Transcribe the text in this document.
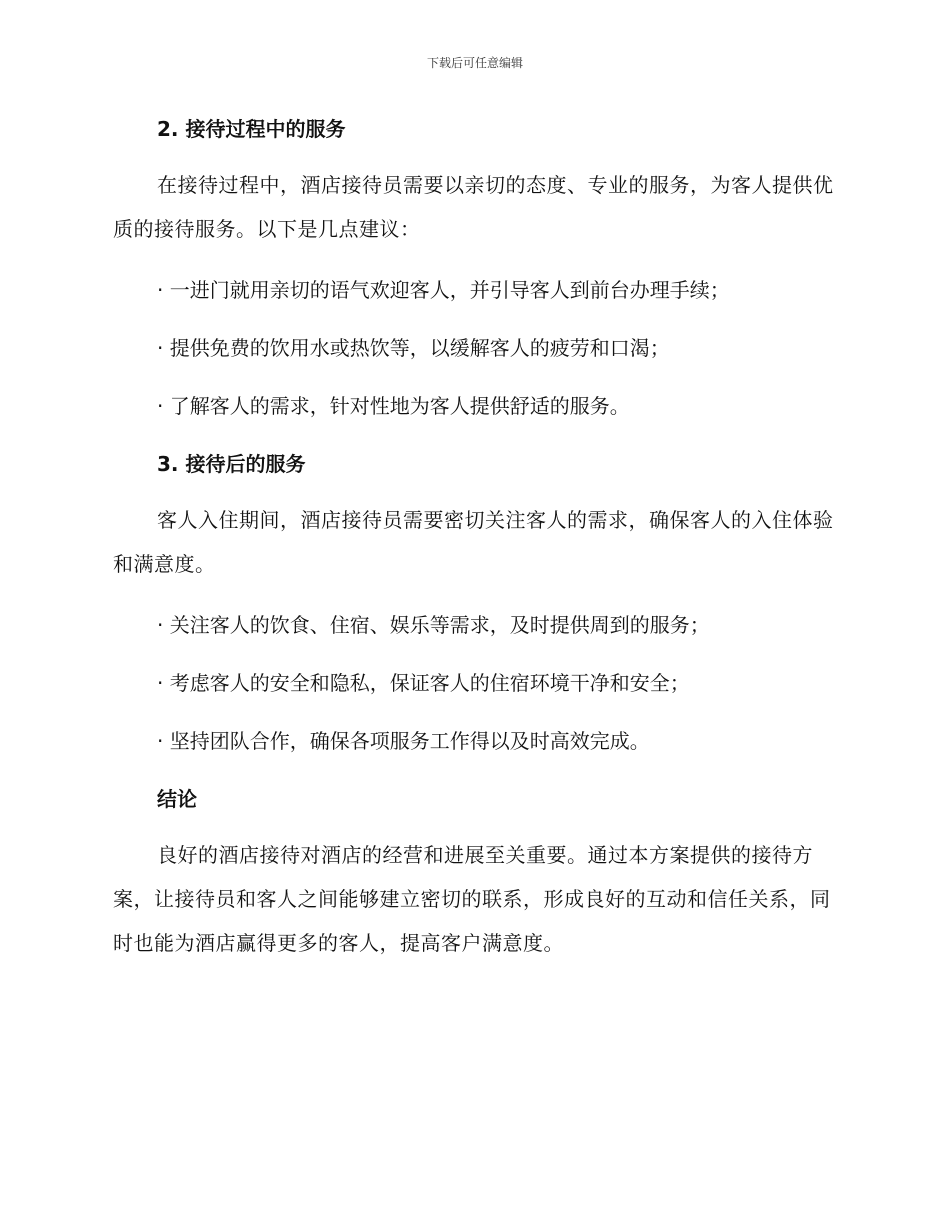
下载后可任意编辑
2. 接待过程中的服务

在接待过程中，酒店接待员需要以亲切的态度、专业的服务，为客人提供优质的接待服务。以下是几点建议：

· 一进门就用亲切的语气欢迎客人，并引导客人到前台办理手续；

· 提供免费的饮用水或热饮等，以缓解客人的疲劳和口渴；

· 了解客人的需求，针对性地为客人提供舒适的服务。

3. 接待后的服务

客人入住期间，酒店接待员需要密切关注客人的需求，确保客人的入住体验和满意度。

· 关注客人的饮食、住宿、娱乐等需求，及时提供周到的服务；

· 考虑客人的安全和隐私，保证客人的住宿环境干净和安全；

· 坚持团队合作，确保各项服务工作得以及时高效完成。

结论

良好的酒店接待对酒店的经营和进展至关重要。通过本方案提供的接待方案，让接待员和客人之间能够建立密切的联系，形成良好的互动和信任关系，同时也能为酒店赢得更多的客人，提高客户满意度。
